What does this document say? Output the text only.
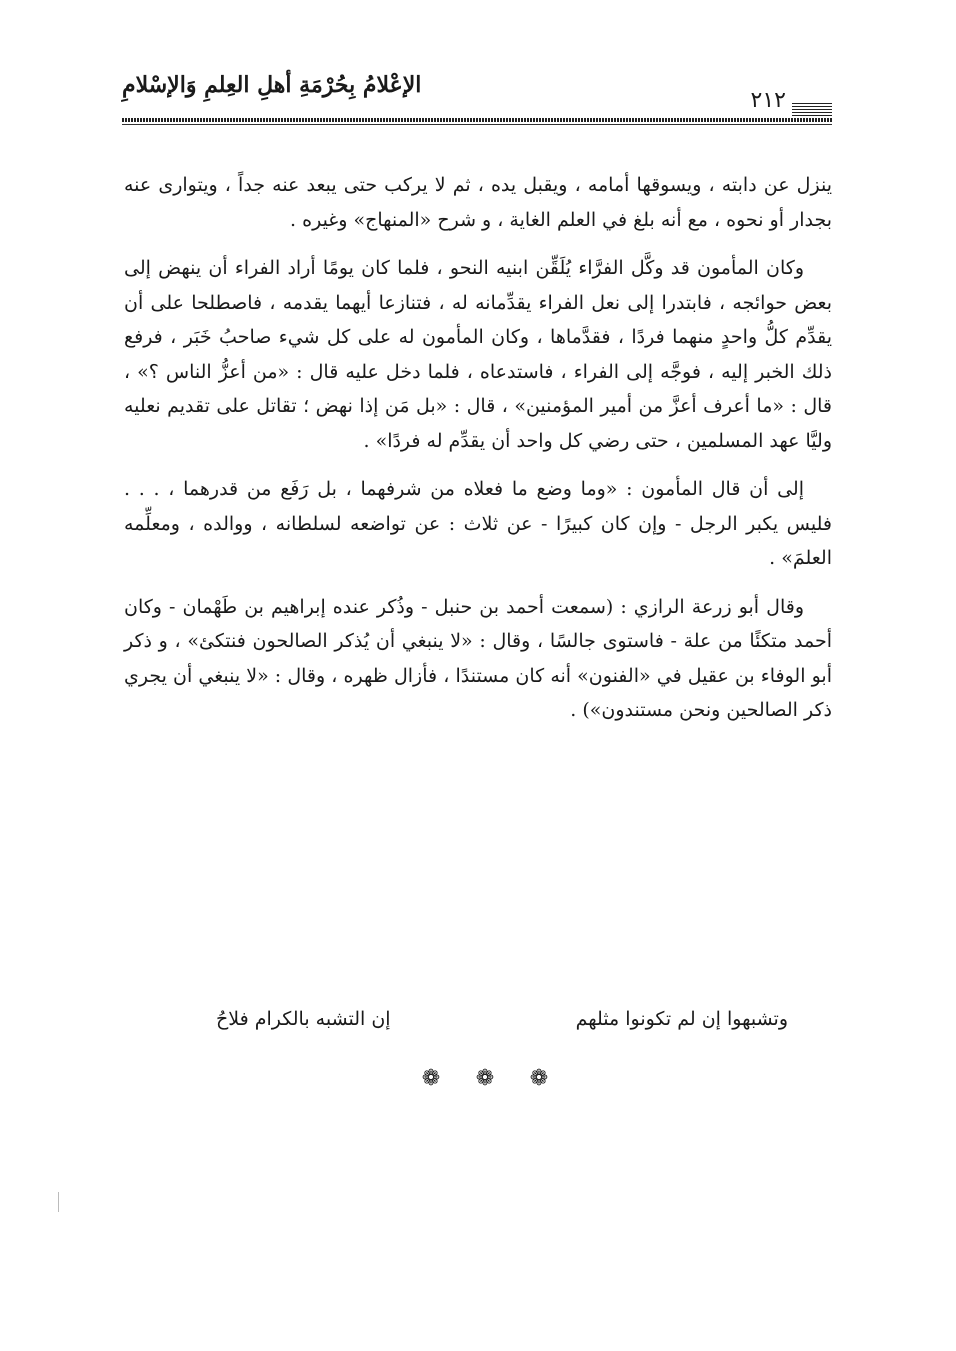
الإعْلامُ بِحُرْمَةِ أهلِ العِلمِ وَالإسْلامِ
٢١٢

ينزل عن دابته ، ويسوقها أمامه ، ويقبل يده ، ثم لا يركب حتى يبعد عنه جداً ، ويتوارى عنه بجدار أو نحوه ، مع أنه بلغ في العلم الغاية ، و شرح «المنهاج» وغيره .

وكان المأمون قد وكَّل الفرَّاء يُلَقِّن ابنيه النحو ، فلما كان يومًا أراد الفراء أن ينهض إلى بعض حوائجه ، فابتدرا إلى نعل الفراء يقدِّمانه له ، فتنازعا أيهما يقدمه ، فاصطلحا على أن يقدِّم كلُّ واحدٍ منهما فردًا ، فقدَّماها ، وكان المأمون له على كل شيء صاحبُ خَبَر ، فرفع ذلك الخبر إليه ، فوجَّه إلى الفراء ، فاستدعاه ، فلما دخل عليه قال : «من أعزُّ الناس ؟» ، قال : «ما أعرف أعزَّ من أمير المؤمنين» ، قال : «بل مَن إذا نهض ؛ تقاتل على تقديم نعليه وليَّا عهد المسلمين ، حتى رضي كل واحد أن يقدِّم له فردًا» .

إلى أن قال المأمون : «وما وضع ما فعلاه من شرفهما ، بل رَفَع من قدرهما ، . . . فليس يكبر الرجل - وإن كان كبيرًا - عن ثلاث : عن تواضعه لسلطانه ، ووالده ، ومعلِّمه العلمَ» .

وقال أبو زرعة الرازي : (سمعت أحمد بن حنبل - وذُكر عنده إبراهيم بن طَهْمان - وكان أحمد متكئًا من علة - فاستوى جالسًا ، وقال : «لا ينبغي أن يُذكر الصالحون فنتكئ» ، و ذكر أبو الوفاء بن عقيل في «الفنون» أنه كان مستندًا ، فأزال ظهره ، وقال : «لا ينبغي أن يجري ذكر الصالحين ونحن مستندون») .

وتشبهوا إن لم تكونوا مثلهم
إن التشبه بالكرام فلاحُ
❁ ❁ ❁
